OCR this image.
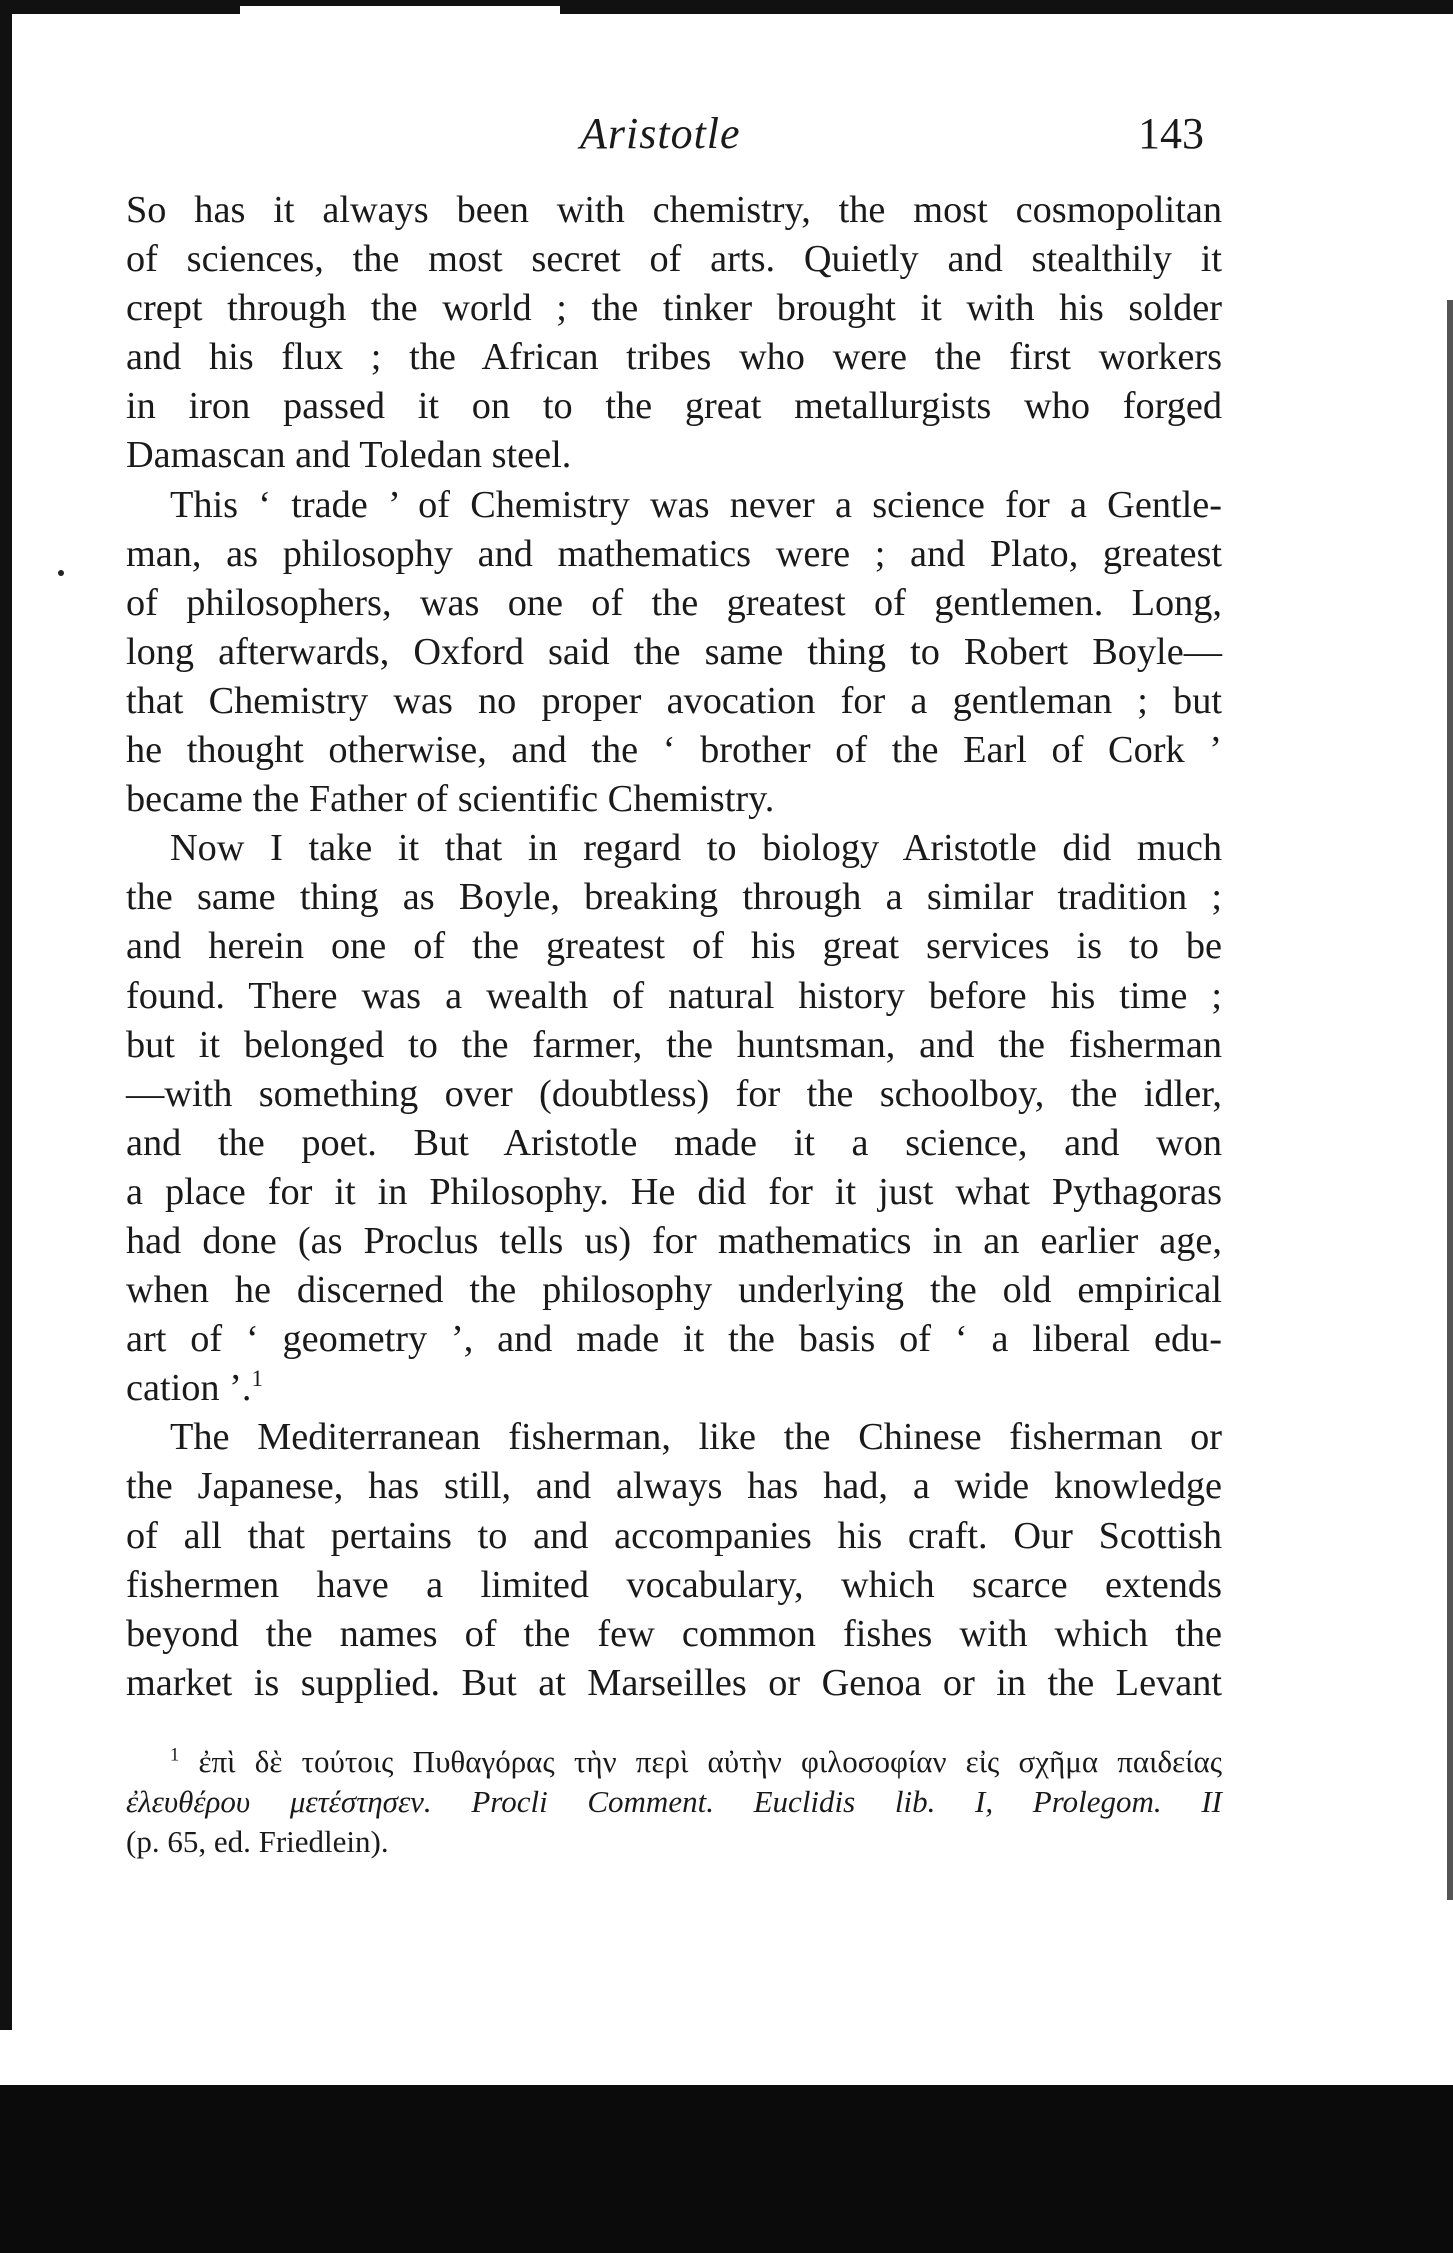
Aristotle	143
So has it always been with chemistry, the most cosmopolitan
of sciences, the most secret of arts. Quietly and stealthily it
crept through the world ; the tinker brought it with his solder
and his flux ; the African tribes who were the first workers
in iron passed it on to the great metallurgists who forged
Damascan and Toledan steel.
This ‘ trade ’ of Chemistry was never a science for a Gentle-
man, as philosophy and mathematics were ; and Plato, greatest
of philosophers, was one of the greatest of gentlemen. Long,
long afterwards, Oxford said the same thing to Robert Boyle—
that Chemistry was no proper avocation for a gentleman ; but
he thought otherwise, and the ‘ brother of the Earl of Cork ’
became the Father of scientific Chemistry.
Now I take it that in regard to biology Aristotle did much
the same thing as Boyle, breaking through a similar tradition ;
and herein one of the greatest of his great services is to be
found. There was a wealth of natural history before his time ;
but it belonged to the farmer, the huntsman, and the fisherman
—with something over (doubtless) for the schoolboy, the idler,
and the poet. But Aristotle made it a science, and won
a place for it in Philosophy. He did for it just what Pythagoras
had done (as Proclus tells us) for mathematics in an earlier age,
when he discerned the philosophy underlying the old empirical
art of ‘ geometry ’, and made it the basis of ‘ a liberal edu-
cation ’.$^1$
The Mediterranean fisherman, like the Chinese fisherman or
the Japanese, has still, and always has had, a wide knowledge
of all that pertains to and accompanies his craft. Our Scottish
fishermen have a limited vocabulary, which scarce extends
beyond the names of the few common fishes with which the
market is supplied. But at Marseilles or Genoa or in the Levant
$^1$ ἐπὶ δὲ τούτοις Πυθαγόρας τὴν περὶ αὐτὴν φιλοσοφίαν εἰς σχῆμα παιδείας
ἐλευθέρου μετέστησεν. Procli Comment. Euclidis lib. I, Prolegom. II
(p. 65, ed. Friedlein).
